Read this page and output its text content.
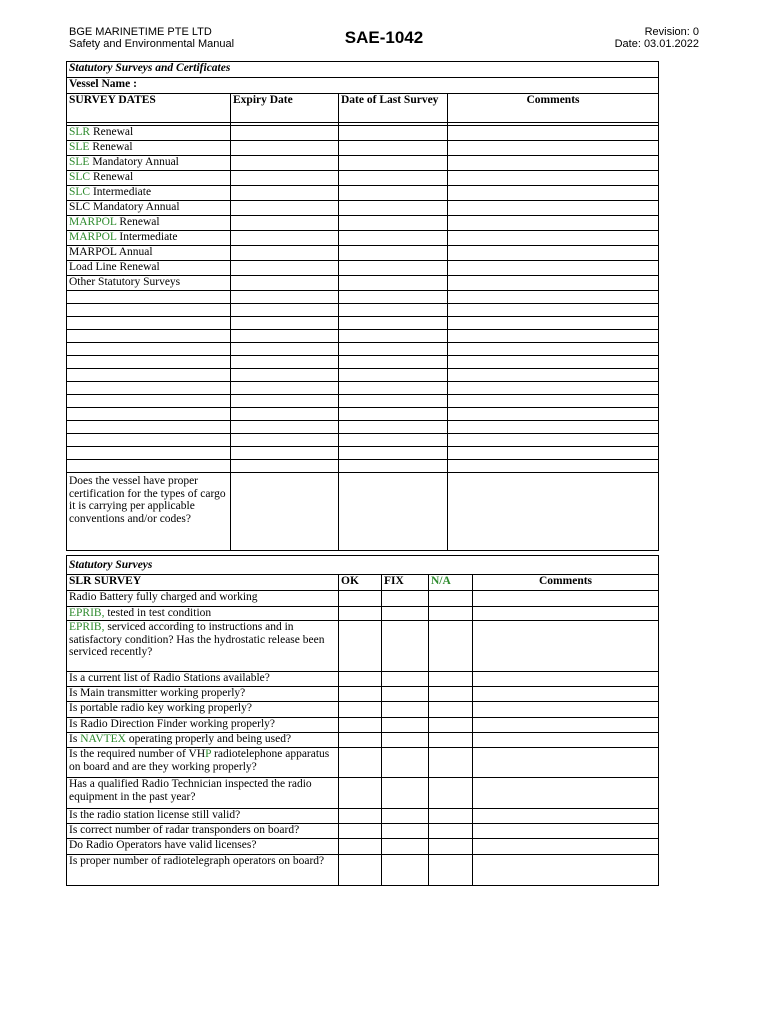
BGE MARINETIME PTE LTD
Safety and Environmental Manual	SAE-1042	Revision: 0
Date: 03.01.2022
Statutory Surveys and Certificates			
Vessel Name :			
SURVEY DATES	Expiry Date	Date of Last Survey	Comments

SLR Renewal			
SLE Renewal			
SLE Mandatory Annual			
SLC Renewal			
SLC Intermediate			
SLC Mandatory Annual			
MARPOL Renewal			
MARPOL Intermediate			
MARPOL Annual			
Load Line Renewal			
Other Statutory Surveys			

Does the vessel have proper certification for the types of cargo it is carrying per applicable conventions and/or codes?			
Statutory Surveys				
SLR SURVEY	OK	FIX	N/A	Comments
Radio Battery fully charged and working				
EPRIB, tested in test condition				
EPRIB, serviced according to instructions and in satisfactory condition? Has the hydrostatic release been serviced recently?				
Is a current list of Radio Stations available?				
Is Main transmitter working properly?				
Is portable radio key working properly?				
Is Radio Direction Finder working properly?				
Is NAVTEX operating properly and being used?				
Is the required number of VHP radiotelephone apparatus on board and are they working properly?				
Has a qualified Radio Technician inspected the radio equipment in the past year?				
Is the radio station license still valid?				
Is correct number of radar transponders on board?				
Do Radio Operators have valid licenses?				
Is proper number of radiotelegraph operators on board?				
